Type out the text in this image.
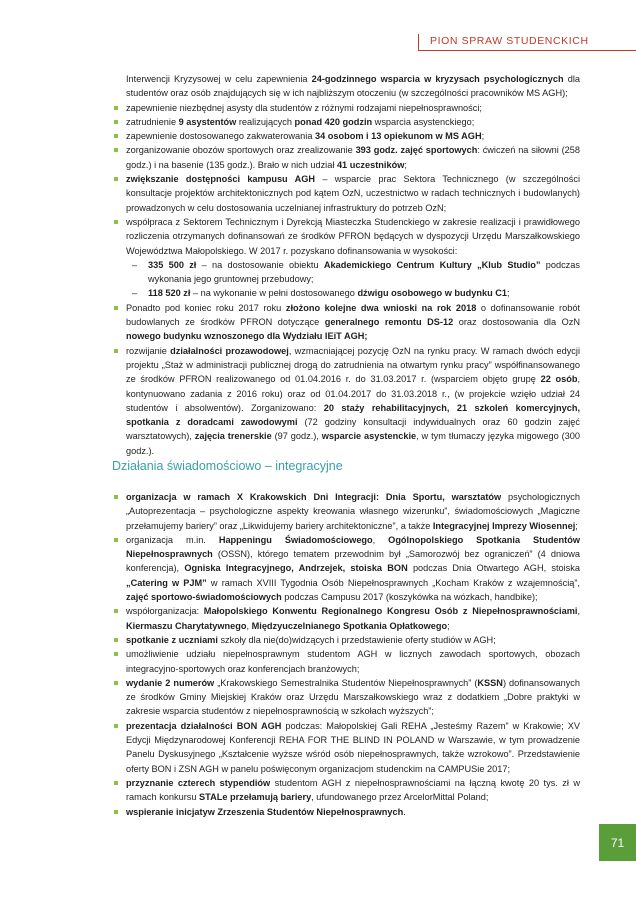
PION SPRAW STUDENCKICH

Interwencji Kryzysowej w celu zapewnienia 24-godzinnego wsparcia w kryzysach psychologicznych dla studentów oraz osób znajdujących się w ich najbliższym otoczeniu (w szczególności pracowników MS AGH);

zapewnienie niezbędnej asysty dla studentów z różnymi rodzajami niepełnosprawności;
zatrudnienie 9 asystentów realizujących ponad 420 godzin wsparcia asystenckiego;
zapewnienie dostosowanego zakwaterowania 34 osobom i 13 opiekunom w MS AGH;
zorganizowanie obozów sportowych oraz zrealizowanie 393 godz. zajęć sportowych: ćwiczeń na siłowni (258 godz.) i na basenie (135 godz.). Brało w nich udział 41 uczestników;
zwiększanie dostępności kampusu AGH – wsparcie prac Sektora Technicznego (w szczególności konsultacje projektów architektonicznych pod kątem OzN, uczestnictwo w radach technicznych i budowlanych) prowadzonych w celu dostosowania uczelnianej infrastruktury do potrzeb OzN;
współpraca z Sektorem Technicznym i Dyrekcją Miasteczka Studenckiego w zakresie realizacji i prawidłowego rozliczenia otrzymanych dofinansowań ze środków PFRON będących w dyspozycji Urzędu Marszałkowskiego Województwa Małopolskiego. W 2017 r. pozyskano dofinansowania w wysokości:
– 335 500 zł – na dostosowanie obiektu Akademickiego Centrum Kultury „Klub Studio” podczas wykonania jego gruntownej przebudowy;
– 118 520 zł – na wykonanie w pełni dostosowanego dźwigu osobowego w budynku C1;
Ponadto pod koniec roku 2017 roku złożono kolejne dwa wnioski na rok 2018 o dofinansowanie robót budowlanych ze środków PFRON dotyczące generalnego remontu DS-12 oraz dostosowania dla OzN nowego budynku wznoszonego dla Wydziału IEiT AGH;
rozwijanie działalności prozawodowej, wzmacniającej pozycję OzN na rynku pracy. W ramach dwóch edycji projektu „Staż w administracji publicznej drogą do zatrudnienia na otwartym rynku pracy” współfinansowanego ze środków PFRON realizowanego od 01.04.2016 r. do 31.03.2017 r. (wsparciem objęto grupę 22 osób, kontynuowano zadania z 2016 roku) oraz od 01.04.2017 do 31.03.2018 r., (w projekcie wzięło udział 24 studentów i absolwentów). Zorganizowano: 20 staży rehabilitacyjnych, 21 szkoleń komercyjnych, spotkania z doradcami zawodowymi (72 godziny konsultacji indywidualnych oraz 60 godzin zajęć warsztatowych), zajęcia trenerskie (97 godz.), wsparcie asystenckie, w tym tłumaczy języka migowego (300 godz.).
Działania świadomościowo – integracyjne
organizacja w ramach X Krakowskich Dni Integracji: Dnia Sportu, warsztatów psychologicznych „Autoprezentacja – psychologiczne aspekty kreowania własnego wizerunku”, świadomościowych „Magiczne przełamujemy bariery” oraz „Likwidujemy bariery architektoniczne”, a także Integracyjnej Imprezy Wiosennej;
organizacja m.in. Happeningu Świadomościowego, Ogólnopolskiego Spotkania Studentów Niepełnosprawnych (OSSN), którego tematem przewodnim był „Samorozwój bez ograniczeń” (4 dniowa konferencja), Ogniska Integracyjnego, Andrzejek, stoiska BON podczas Dnia Otwartego AGH, stoiska „Catering w PJM” w ramach XVIII Tygodnia Osób Niepełnosprawnych „Kocham Kraków z wzajemnością”, zajęć sportowo-świadomościowych podczas Campusu 2017 (koszykówka na wózkach, handbike);
współorganizacja: Małopolskiego Konwentu Regionalnego Kongresu Osób z Niepełnosprawnościami, Kiermaszu Charytatywnego, Międzyuczelnianego Spotkania Opłatkowego;
spotkanie z uczniami szkoły dla nie(do)widzących i przedstawienie oferty studiów w AGH;
umożliwienie udziału niepełnosprawnym studentom AGH w licznych zawodach sportowych, obozach integracyjno-sportowych oraz konferencjach branżowych;
wydanie 2 numerów „Krakowskiego Semestralnika Studentów Niepełnosprawnych” (KSSN) dofinansowanych ze środków Gminy Miejskiej Kraków oraz Urzędu Marszałkowskiego wraz z dodatkiem „Dobre praktyki w zakresie wsparcia studentów z niepełnosprawnością w szkołach wyższych”;
prezentacja działalności BON AGH podczas: Małopolskiej Gali REHA „Jesteśmy Razem” w Krakowie; XV Edycji Międzynarodowej Konferencji REHA FOR THE BLIND IN POLAND w Warszawie, w tym prowadzenie Panelu Dyskusyjnego „Kształcenie wyższe wśród osób niepełnosprawnych, także wzrokowo”. Przedstawienie oferty BON i ZSN AGH w panelu poświęconym organizacjom studenckim na CAMPUSie 2017;
przyznanie czterech stypendiów studentom AGH z niepełnosprawnościami na łączną kwotę 20 tys. zł w ramach konkursu STALe przełamują bariery, ufundowanego przez ArcelorMittal Poland;
wspieranie inicjatyw Zrzeszenia Studentów Niepełnosprawnych.
71
